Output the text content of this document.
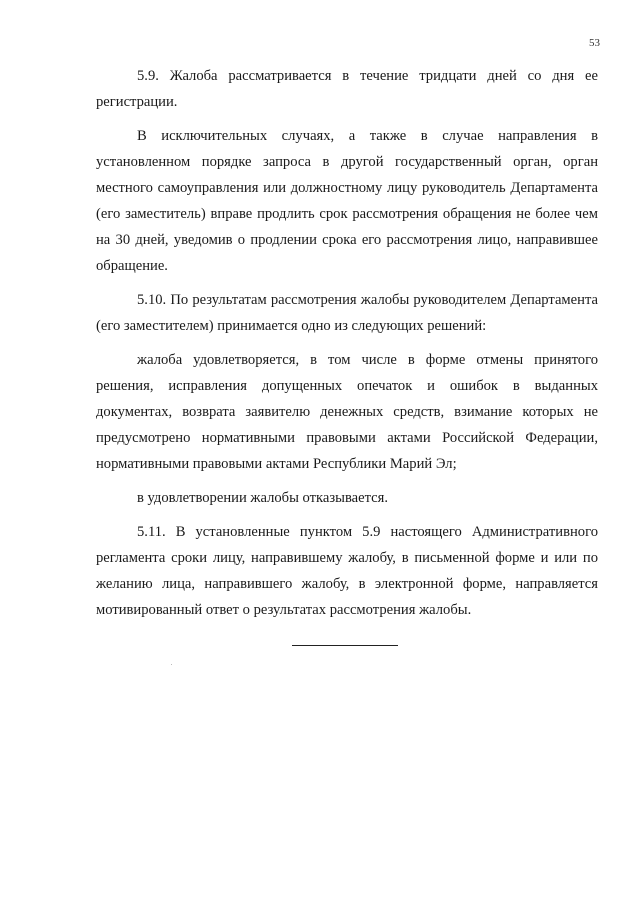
53

5.9. Жалоба рассматривается в течение тридцати дней со дня ее регистрации.

В исключительных случаях, а также в случае направления в установленном порядке запроса в другой государственный орган, орган местного самоуправления или должностному лицу руководитель Департамента (его заместитель) вправе продлить срок рассмотрения обращения не более чем на 30 дней, уведомив о продлении срока его рассмотрения лицо, направившее обращение.

5.10. По результатам рассмотрения жалобы руководителем Департамента (его заместителем) принимается одно из следующих решений:

жалоба удовлетворяется, в том числе в форме отмены принятого решения, исправления допущенных опечаток и ошибок в выданных документах, возврата заявителю денежных средств, взимание которых не предусмотрено нормативными правовыми актами Российской Федерации, нормативными правовыми актами Республики Марий Эл;

в удовлетворении жалобы отказывается.

5.11. В установленные пунктом 5.9 настоящего Административного регламента сроки лицу, направившему жалобу, в письменной форме и или по желанию лица, направившего жалобу, в электронной форме, направляется мотивированный ответ о результатах рассмотрения жалобы.
